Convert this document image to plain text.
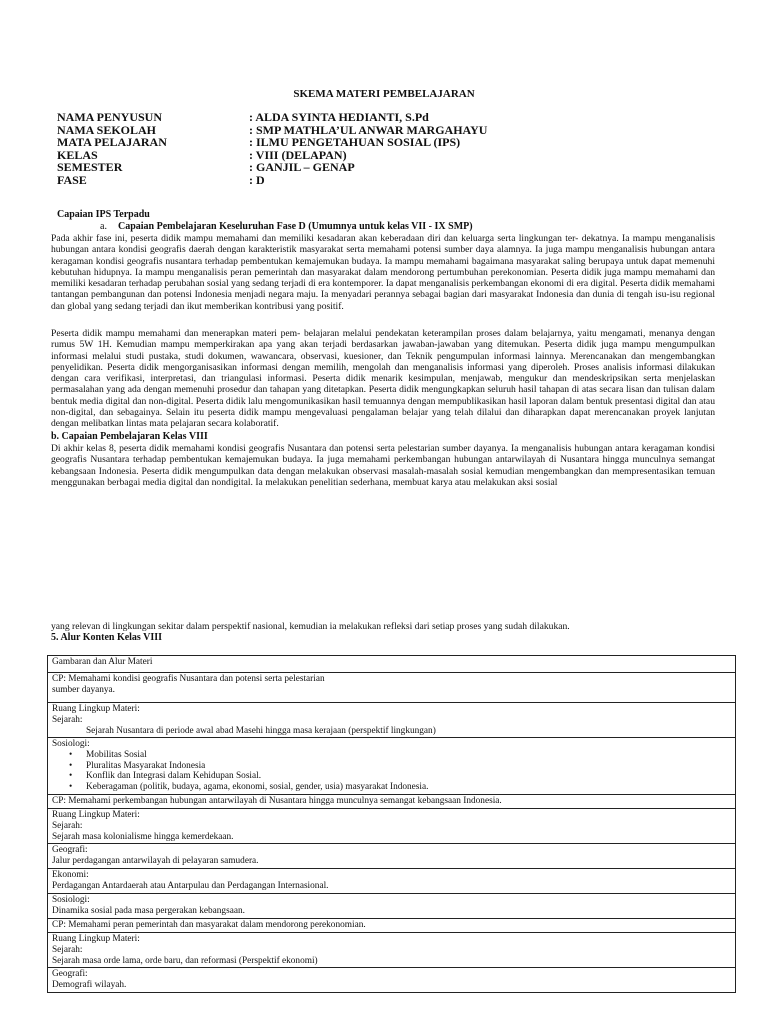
SKEMA MATERI PEMBELAJARAN
NAMA PENYUSUN	: ALDA SYINTA HEDIANTI, S.Pd
NAMA SEKOLAH	: SMP MATHLA’UL ANWAR MARGAHAYU
MATA PELAJARAN	: ILMU PENGETAHUAN SOSIAL (IPS)
KELAS	: VIII (DELAPAN)
SEMESTER	: GANJIL – GENAP
FASE	: D
Capaian IPS Terpadu
a. Capaian Pembelajaran Keseluruhan Fase D (Umumnya untuk kelas VII - IX SMP)
Pada akhir fase ini, peserta didik mampu memahami dan memiliki kesadaran akan keberadaan diri dan keluarga serta lingkungan ter- dekatnya. Ia mampu menganalisis hubungan antara kondisi geografis daerah dengan karakteristik masyarakat serta memahami potensi sumber daya alamnya. Ia juga mampu menganalisis hubungan antara keragaman kondisi geografis nusantara terhadap pembentukan kemajemukan budaya. Ia mampu memahami bagaimana masyarakat saling berupaya untuk dapat memenuhi kebutuhan hidupnya. Ia mampu menganalisis peran pemerintah dan masyarakat dalam mendorong pertumbuhan perekonomian. Peserta didik juga mampu memahami dan memiliki kesadaran terhadap perubahan sosial yang sedang terjadi di era kontemporer. Ia dapat menganalisis perkembangan ekonomi di era digital. Peserta didik memahami tantangan pembangunan dan potensi Indonesia menjadi negara maju. Ia menyadari perannya sebagai bagian dari masyarakat Indonesia dan dunia di tengah isu-isu regional dan global yang sedang terjadi dan ikut memberikan kontribusi yang positif.
Peserta didik mampu memahami dan menerapkan materi pem- belajaran melalui pendekatan keterampilan proses dalam belajarnya, yaitu mengamati, menanya dengan rumus 5W 1H. Kemudian mampu memperkirakan apa yang akan terjadi berdasarkan jawaban-jawaban yang ditemukan. Peserta didik juga mampu mengumpulkan informasi melalui studi pustaka, studi dokumen, wawancara, observasi, kuesioner, dan Teknik pengumpulan informasi lainnya. Merencanakan dan mengembangkan penyelidikan. Peserta didik mengorganisasikan informasi dengan memilih, mengolah dan menganalisis informasi yang diperoleh. Proses analisis informasi dilakukan dengan cara verifikasi, interpretasi, dan triangulasi informasi. Peserta didik menarik kesimpulan, menjawab, mengukur dan mendeskripsikan serta menjelaskan permasalahan yang ada dengan memenuhi prosedur dan tahapan yang ditetapkan. Peserta didik mengungkapkan seluruh hasil tahapan di atas secara lisan dan tulisan dalam bentuk media digital dan non-digital. Peserta didik lalu mengomunikasikan hasil temuannya dengan mempublikasikan hasil laporan dalam bentuk presentasi digital dan atau non-digital, dan sebagainya. Selain itu peserta didik mampu mengevaluasi pengalaman belajar yang telah dilalui dan diharapkan dapat merencanakan proyek lanjutan dengan melibatkan lintas mata pelajaran secara kolaboratif.
b. Capaian Pembelajaran Kelas VIII
Di akhir kelas 8, peserta didik memahami kondisi geografis Nusantara dan potensi serta pelestarian sumber dayanya. Ia menganalisis hubungan antara keragaman kondisi geografis Nusantara terhadap pembentukan kemajemukan budaya. Ia juga memahami perkembangan hubungan antarwilayah di Nusantara hingga munculnya semangat kebangsaan Indonesia. Peserta didik mengumpulkan data dengan melakukan observasi masalah-masalah sosial kemudian mengembangkan dan mempresentasikan temuan menggunakan berbagai media digital dan nondigital. Ia melakukan penelitian sederhana, membuat karya atau melakukan aksi sosial
yang relevan di lingkungan sekitar dalam perspektif nasional, kemudian ia melakukan refleksi dari setiap proses yang sudah dilakukan.
5. Alur Konten Kelas VIII
Gambaran dan Alur Materi
CP: Memahami kondisi geografis Nusantara dan potensi serta pelestarian
sumber dayanya.
Ruang Lingkup Materi:
Sejarah:
Sejarah Nusantara di periode awal abad Masehi hingga masa kerajaan (perspektif lingkungan)
Sosiologi:
• Mobilitas Sosial
• Pluralitas Masyarakat Indonesia
• Konflik dan Integrasi dalam Kehidupan Sosial.
• Keberagaman (politik, budaya, agama, ekonomi, sosial, gender, usia) masyarakat Indonesia.
CP: Memahami perkembangan hubungan antarwilayah di Nusantara hingga munculnya semangat kebangsaan Indonesia.
Ruang Lingkup Materi:
Sejarah:
Sejarah masa kolonialisme hingga kemerdekaan.
Geografi:
Jalur perdagangan antarwilayah di pelayaran samudera.
Ekonomi:
Perdagangan Antardaerah atau Antarpulau dan Perdagangan Internasional.
Sosiologi:
Dinamika sosial pada masa pergerakan kebangsaan.
CP: Memahami peran pemerintah dan masyarakat dalam mendorong perekonomian.
Ruang Lingkup Materi:
Sejarah:
Sejarah masa orde lama, orde baru, dan reformasi (Perspektif ekonomi)
Geografi:
Demografi wilayah.
